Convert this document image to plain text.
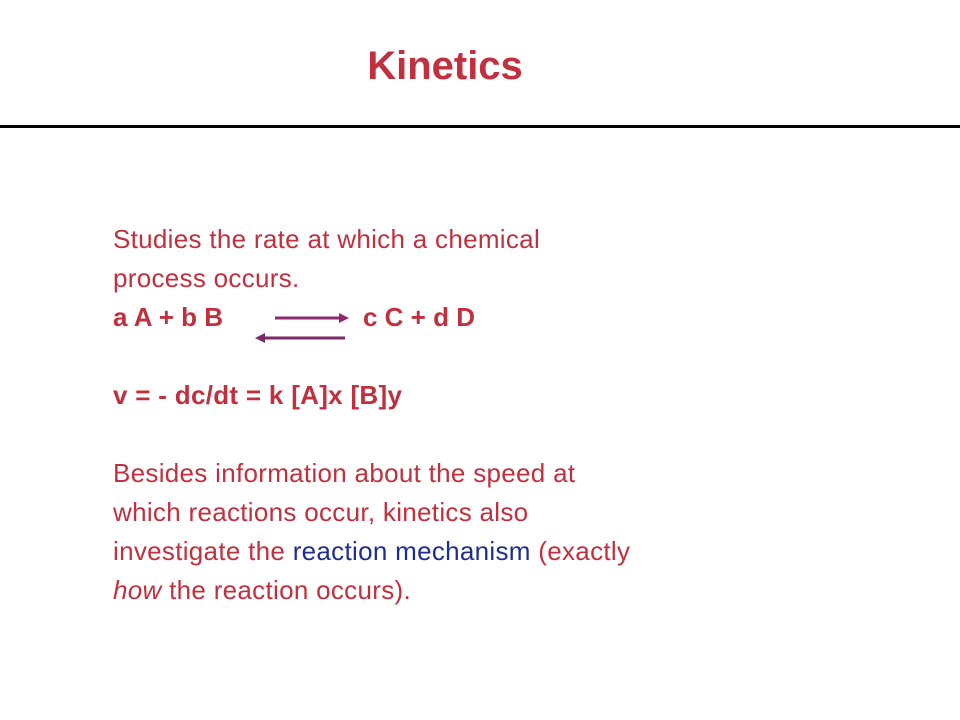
Kinetics
Studies the rate at which a chemical
process occurs.
a A + b B ⇌ c C + d D
v = - dc/dt = k [A]x [B]y
Besides information about the speed at
which reactions occur, kinetics also
investigate the reaction mechanism (exactly
how the reaction occurs).
